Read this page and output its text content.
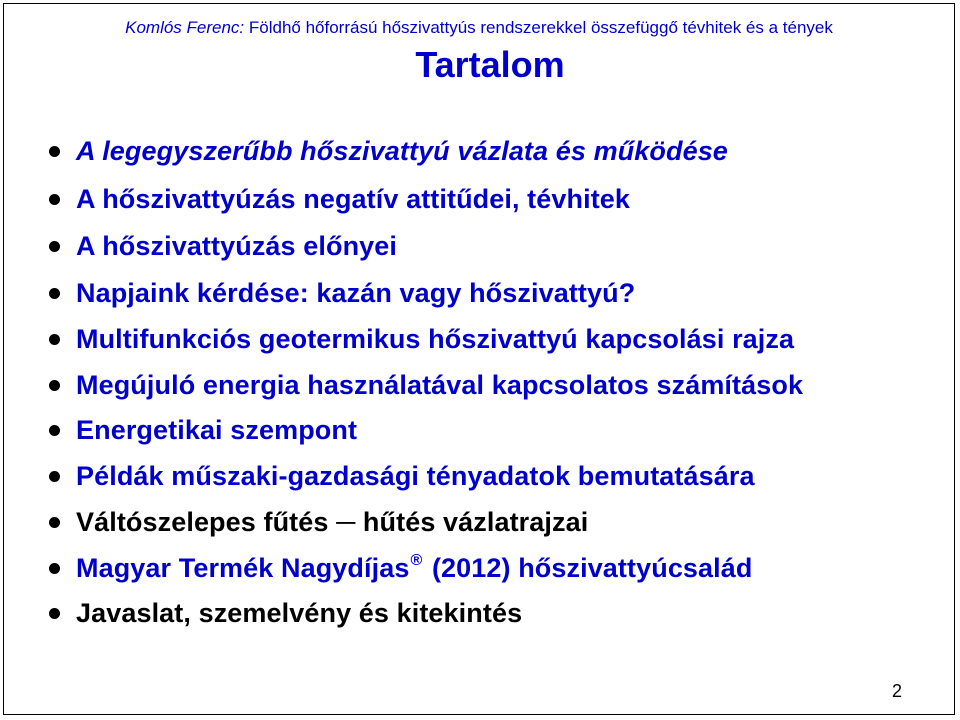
Komlós Ferenc: Földhő hőforrású hőszivattyús rendszerekkel összefüggő tévhitek és a tények
Tartalom
A legegyszerűbb hőszivattyú vázlata és működése
A hőszivattyúzás negatív attitűdei, tévhitek
A hőszivattyúzás előnyei
Napjaink kérdése: kazán vagy hőszivattyú?
Multifunkciós geotermikus hőszivattyú kapcsolási rajza
Megújuló energia használatával kapcsolatos számítások
Energetikai szempont
Példák műszaki-gazdasági tényadatok bemutatására
Váltószelepes fűtés ─ hűtés vázlatrajzai
Magyar Termék Nagydíjas® (2012) hőszivattyúcsalád
Javaslat, szemelvény és kitekintés
2
